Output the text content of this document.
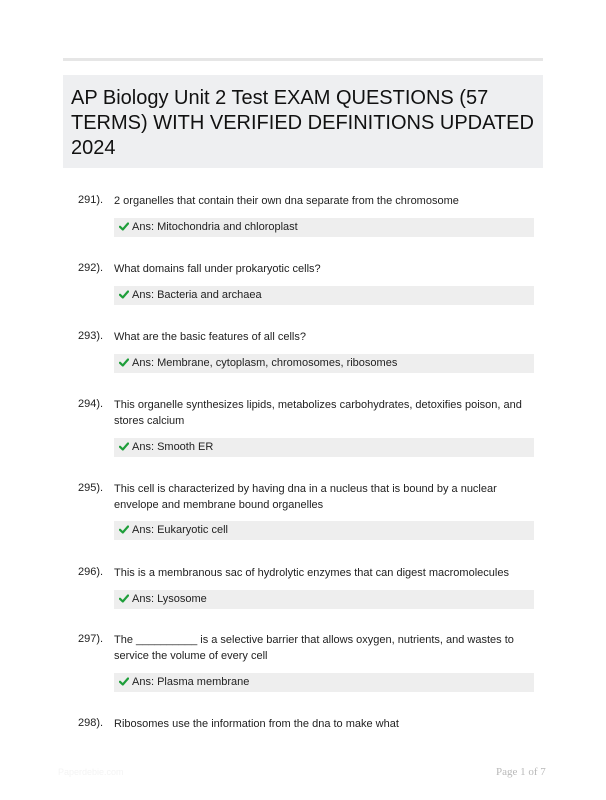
AP Biology Unit 2 Test EXAM QUESTIONS (57 TERMS) WITH VERIFIED DEFINITIONS UPDATED 2024
291). 2 organelles that contain their own dna separate from the chromosome
Ans: Mitochondria and chloroplast
292). What domains fall under prokaryotic cells?
Ans: Bacteria and archaea
293). What are the basic features of all cells?
Ans: Membrane, cytoplasm, chromosomes, ribosomes
294). This organelle synthesizes lipids, metabolizes carbohydrates, detoxifies poison, and stores calcium
Ans: Smooth ER
295). This cell is characterized by having dna in a nucleus that is bound by a nuclear envelope and membrane bound organelles
Ans: Eukaryotic cell
296). This is a membranous sac of hydrolytic enzymes that can digest macromolecules
Ans: Lysosome
297). The __________ is a selective barrier that allows oxygen, nutrients, and wastes to service the volume of every cell
Ans: Plasma membrane
298). Ribosomes use the information from the dna to make what
Paperdebie.com	Page 1 of 7
